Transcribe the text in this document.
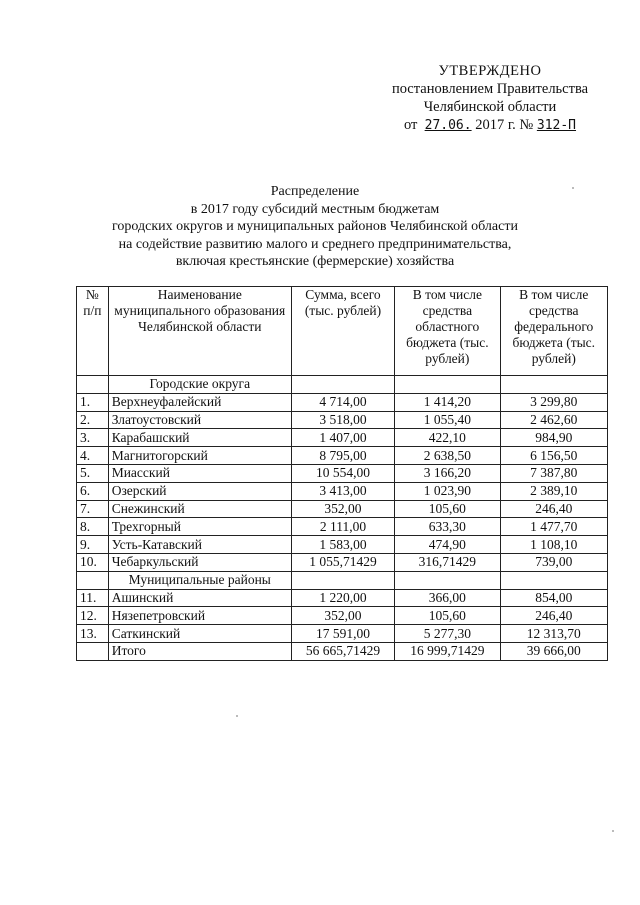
УТВЕРЖДЕНО
постановлением Правительства
Челябинской области
от 27.06. 2017 г. № 312-П
Распределение
в 2017 году субсидий местным бюджетам
городских округов и муниципальных районов Челябинской области
на содействие развитию малого и среднего предпринимательства,
включая крестьянские (фермерские) хозяйства
№ п/п	Наименование муниципального образования Челябинской области	Сумма, всего (тыс. рублей)	В том числе средства областного бюджета (тыс. рублей)	В том числе средства федерального бюджета (тыс. рублей)
	Городские округа			
1.	Верхнеуфалейский	4 714,00	1 414,20	3 299,80
2.	Златоустовский	3 518,00	1 055,40	2 462,60
3.	Карабашский	1 407,00	422,10	984,90
4.	Магнитогорский	8 795,00	2 638,50	6 156,50
5.	Миасский	10 554,00	3 166,20	7 387,80
6.	Озерский	3 413,00	1 023,90	2 389,10
7.	Снежинский	352,00	105,60	246,40
8.	Трехгорный	2 111,00	633,30	1 477,70
9.	Усть-Катавский	1 583,00	474,90	1 108,10
10.	Чебаркульский	1 055,71429	316,71429	739,00
	Муниципальные районы			
11.	Ашинский	1 220,00	366,00	854,00
12.	Нязепетровский	352,00	105,60	246,40
13.	Саткинский	17 591,00	5 277,30	12 313,70
	Итого	56 665,71429	16 999,71429	39 666,00
